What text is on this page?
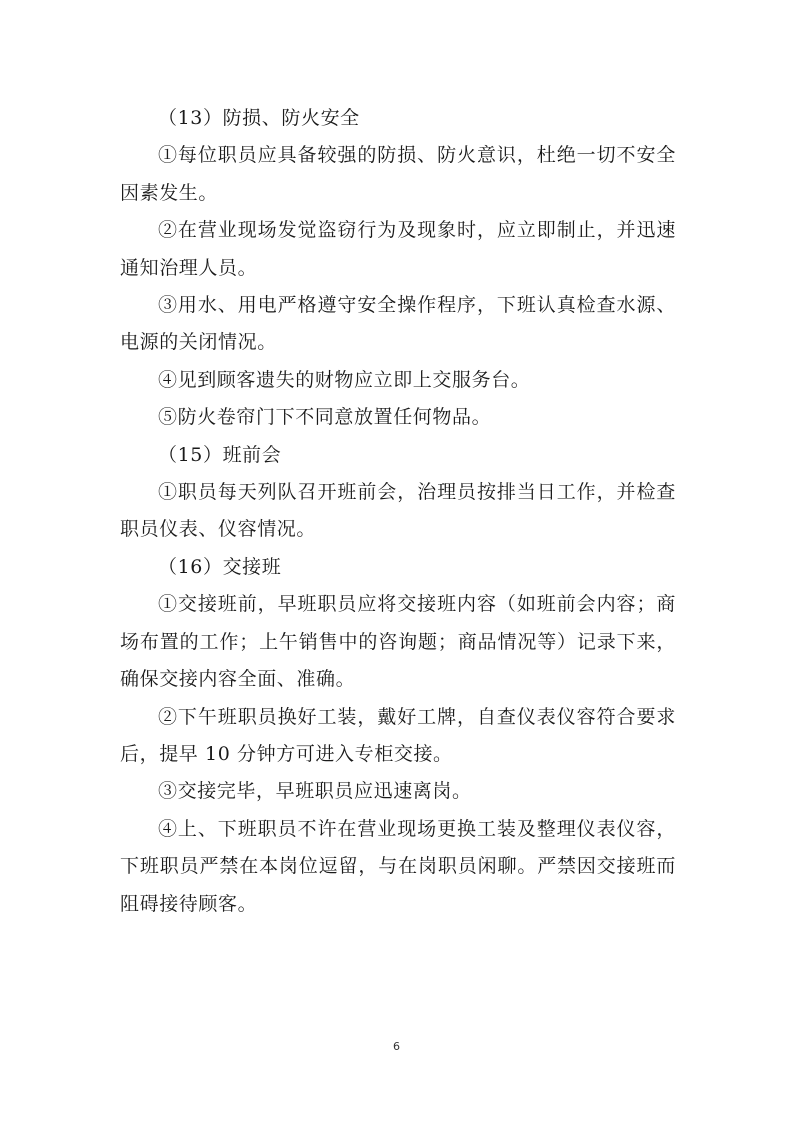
（13）防损、防火安全

①每位职员应具备较强的防损、防火意识，杜绝一切不安全因素发生。

②在营业现场发觉盗窃行为及现象时，应立即制止，并迅速通知治理人员。

③用水、用电严格遵守安全操作程序，下班认真检查水源、电源的关闭情况。

④见到顾客遗失的财物应立即上交服务台。

⑤防火卷帘门下不同意放置任何物品。

（15）班前会

①职员每天列队召开班前会，治理员按排当日工作，并检查职员仪表、仪容情况。

（16）交接班

①交接班前，早班职员应将交接班内容（如班前会内容；商场布置的工作；上午销售中的咨询题；商品情况等）记录下来，确保交接内容全面、准确。

②下午班职员换好工装，戴好工牌，自查仪表仪容符合要求后，提早 10 分钟方可进入专柜交接。

③交接完毕，早班职员应迅速离岗。

④上、下班职员不许在营业现场更换工装及整理仪表仪容，下班职员严禁在本岗位逗留，与在岗职员闲聊。严禁因交接班而阻碍接待顾客。

6
